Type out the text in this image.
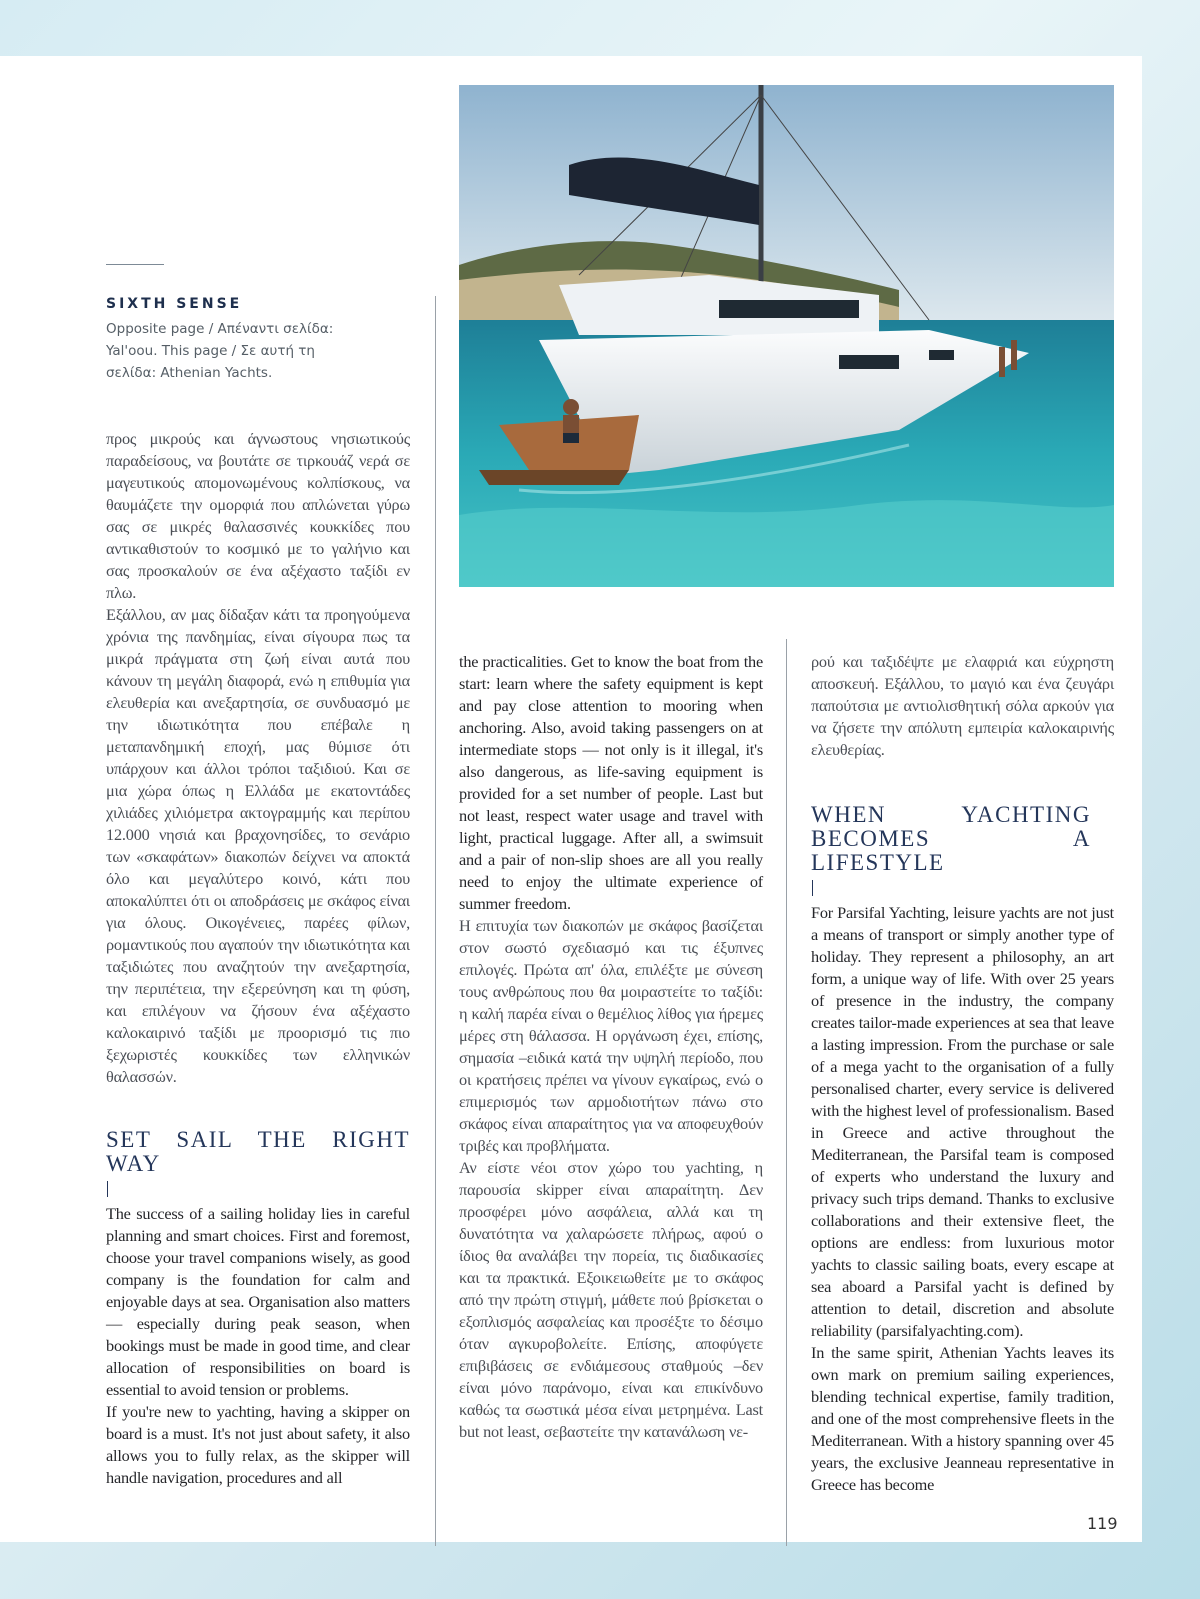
SIXTH SENSE
Opposite page / Απέναντι σελίδα: Yal'oou. This page / Σε αυτή τη σελίδα: Athenian Yachts.

προς μικρούς και άγνωστους νησιωτικούς παραδείσους, να βουτάτε σε τιρκουάζ νερά σε μαγευτικούς απομονωμένους κολπίσκους, να θαυμάζετε την ομορφιά που απλώνεται γύρω σας σε μικρές θαλασσινές κουκκίδες που αντικαθιστούν το κοσμικό με το γαλήνιο και σας προσκαλούν σε ένα αξέχαστο ταξίδι εν πλω.

Εξάλλου, αν μας δίδαξαν κάτι τα προηγούμενα χρόνια της πανδημίας, είναι σίγουρα πως τα μικρά πράγματα στη ζωή είναι αυτά που κάνουν τη μεγάλη διαφορά, ενώ η επιθυμία για ελευθερία και ανεξαρτησία, σε συνδυασμό με την ιδιωτικότητα που επέβαλε η μεταπανδημική εποχή, μας θύμισε ότι υπάρχουν και άλλοι τρόποι ταξιδιού. Και σε μια χώρα όπως η Ελλάδα με εκατοντάδες χιλιάδες χιλιόμετρα ακτογραμμής και περίπου 12.000 νησιά και βραχονησίδες, το σενάριο των «σκαφάτων» διακοπών δείχνει να αποκτά όλο και μεγαλύτερο κοινό, κάτι που αποκαλύπτει ότι οι αποδράσεις με σκάφος είναι για όλους. Οικογένειες, παρέες φίλων, ρομαντικούς που αγαπούν την ιδιωτικότητα και ταξιδιώτες που αναζητούν την ανεξαρτησία, την περιπέτεια, την εξερεύνηση και τη φύση, και επιλέγουν να ζήσουν ένα αξέχαστο καλοκαιρινό ταξίδι με προορισμό τις πιο ξεχωριστές κουκκίδες των ελληνικών θαλασσών.

SET SAIL THE RIGHT WAY

The success of a sailing holiday lies in careful planning and smart choices. First and foremost, choose your travel companions wisely, as good company is the foundation for calm and enjoyable days at sea. Organisation also matters — especially during peak season, when bookings must be made in good time, and clear allocation of responsibilities on board is essential to avoid tension or problems.

If you're new to yachting, having a skipper on board is a must. It's not just about safety, it also allows you to fully relax, as the skipper will handle navigation, procedures and all

the practicalities. Get to know the boat from the start: learn where the safety equipment is kept and pay close attention to mooring when anchoring. Also, avoid taking passengers on at intermediate stops — not only is it illegal, it's also dangerous, as life-saving equipment is provided for a set number of people. Last but not least, respect water usage and travel with light, practical luggage. After all, a swimsuit and a pair of non-slip shoes are all you really need to enjoy the ultimate experience of summer freedom.

Η επιτυχία των διακοπών με σκάφος βασίζεται στον σωστό σχεδιασμό και τις έξυπνες επιλογές. Πρώτα απ' όλα, επιλέξτε με σύνεση τους ανθρώπους που θα μοιραστείτε το ταξίδι: η καλή παρέα είναι ο θεμέλιος λίθος για ήρεμες μέρες στη θάλασσα. Η οργάνωση έχει, επίσης, σημασία –ειδικά κατά την υψηλή περίοδο, που οι κρατήσεις πρέπει να γίνουν εγκαίρως, ενώ ο επιμερισμός των αρμοδιοτήτων πάνω στο σκάφος είναι απαραίτητος για να αποφευχθούν τριβές και προβλήματα.

Αν είστε νέοι στον χώρο του yachting, η παρουσία skipper είναι απαραίτητη. Δεν προσφέρει μόνο ασφάλεια, αλλά και τη δυνατότητα να χαλαρώσετε πλήρως, αφού ο ίδιος θα αναλάβει την πορεία, τις διαδικασίες και τα πρακτικά. Εξοικειωθείτε με το σκάφος από την πρώτη στιγμή, μάθετε πού βρίσκεται ο εξοπλισμός ασφαλείας και προσέξτε το δέσιμο όταν αγκυροβολείτε. Επίσης, αποφύγετε επιβιβάσεις σε ενδιάμεσους σταθμούς –δεν είναι μόνο παράνομο, είναι και επικίνδυνο καθώς τα σωστικά μέσα είναι μετρημένα. Last but not least, σεβαστείτε την κατανάλωση νε-

ρού και ταξιδέψτε με ελαφριά και εύχρηστη αποσκευή. Εξάλλου, το μαγιό και ένα ζευγάρι παπούτσια με αντιολισθητική σόλα αρκούν για να ζήσετε την απόλυτη εμπειρία καλοκαιρινής ελευθερίας.

WHEN YACHTING BECOMES A LIFESTYLE

For Parsifal Yachting, leisure yachts are not just a means of transport or simply another type of holiday. They represent a philosophy, an art form, a unique way of life. With over 25 years of presence in the industry, the company creates tailor-made experiences at sea that leave a lasting impression. From the purchase or sale of a mega yacht to the organisation of a fully personalised charter, every service is delivered with the highest level of professionalism. Based in Greece and active throughout the Mediterranean, the Parsifal team is composed of experts who understand the luxury and privacy such trips demand. Thanks to exclusive collaborations and their extensive fleet, the options are endless: from luxurious motor yachts to classic sailing boats, every escape at sea aboard a Parsifal yacht is defined by attention to detail, discretion and absolute reliability (parsifalyachting.com).

In the same spirit, Athenian Yachts leaves its own mark on premium sailing experiences, blending technical expertise, family tradition, and one of the most comprehensive fleets in the Mediterranean. With a history spanning over 45 years, the exclusive Jeanneau representative in Greece has become

119
